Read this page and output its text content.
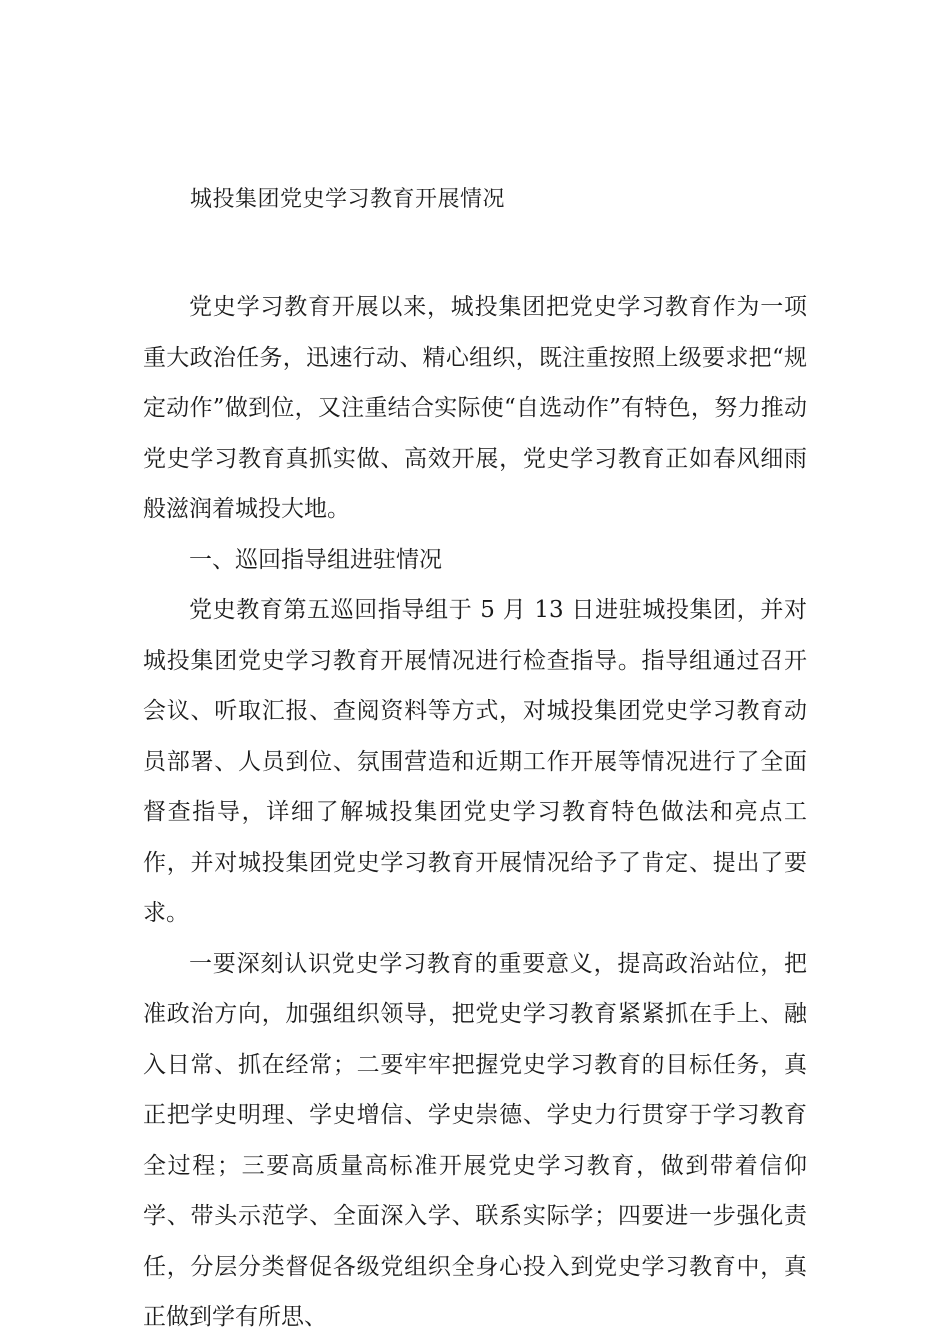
城投集团党史学习教育开展情况

党史学习教育开展以来，城投集团把党史学习教育作为一项重大政治任务，迅速行动、精心组织，既注重按照上级要求把“规定动作”做到位，又注重结合实际使“自选动作”有特色，努力推动党史学习教育真抓实做、高效开展，党史学习教育正如春风细雨般滋润着城投大地。

一、巡回指导组进驻情况

党史教育第五巡回指导组于 5 月 13 日进驻城投集团，并对城投集团党史学习教育开展情况进行检查指导。指导组通过召开会议、听取汇报、查阅资料等方式，对城投集团党史学习教育动员部署、人员到位、氛围营造和近期工作开展等情况进行了全面督查指导，详细了解城投集团党史学习教育特色做法和亮点工作，并对城投集团党史学习教育开展情况给予了肯定、提出了要求。

一要深刻认识党史学习教育的重要意义，提高政治站位，把准政治方向，加强组织领导，把党史学习教育紧紧抓在手上、融入日常、抓在经常；二要牢牢把握党史学习教育的目标任务，真正把学史明理、学史增信、学史崇德、学史力行贯穿于学习教育全过程；三要高质量高标准开展党史学习教育，做到带着信仰学、带头示范学、全面深入学、联系实际学；四要进一步强化责任，分层分类督促各级党组织全身心投入到党史学习教育中，真正做到学有所思、
